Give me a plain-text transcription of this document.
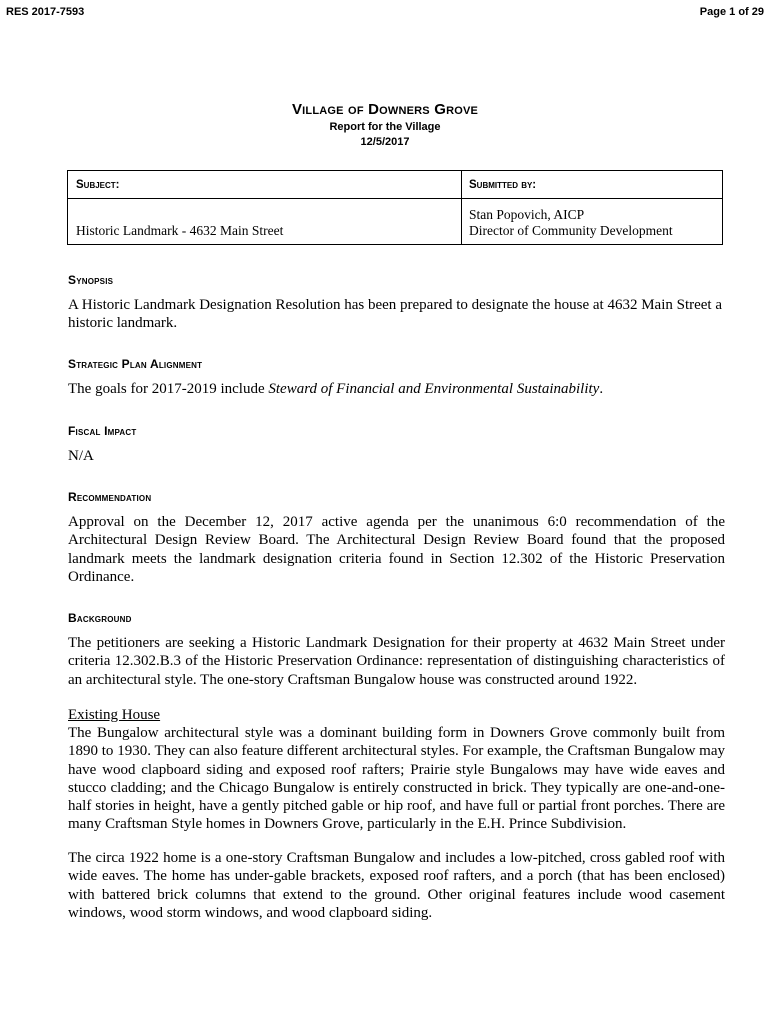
RES 2017-7593	Page 1 of 29
Village of Downers Grove
Report for the Village
12/5/2017
Subject:	Submitted by:
Historic Landmark - 4632 Main Street
Stan Popovich, AICP
Director of Community Development
Synopsis
A Historic Landmark Designation Resolution has been prepared to designate the house at 4632 Main Street a historic landmark.
Strategic Plan Alignment
The goals for 2017-2019 include Steward of Financial and Environmental Sustainability.
Fiscal Impact
N/A
Recommendation
Approval on the December 12, 2017 active agenda per the unanimous 6:0 recommendation of the Architectural Design Review Board. The Architectural Design Review Board found that the proposed landmark meets the landmark designation criteria found in Section 12.302 of the Historic Preservation Ordinance.
Background
The petitioners are seeking a Historic Landmark Designation for their property at 4632 Main Street under criteria 12.302.B.3 of the Historic Preservation Ordinance: representation of distinguishing characteristics of an architectural style. The one-story Craftsman Bungalow house was constructed around 1922.
Existing House
The Bungalow architectural style was a dominant building form in Downers Grove commonly built from 1890 to 1930. They can also feature different architectural styles. For example, the Craftsman Bungalow may have wood clapboard siding and exposed roof rafters; Prairie style Bungalows may have wide eaves and stucco cladding; and the Chicago Bungalow is entirely constructed in brick. They typically are one-and-one-half stories in height, have a gently pitched gable or hip roof, and have full or partial front porches. There are many Craftsman Style homes in Downers Grove, particularly in the E.H. Prince Subdivision.
The circa 1922 home is a one-story Craftsman Bungalow and includes a low-pitched, cross gabled roof with wide eaves. The home has under-gable brackets, exposed roof rafters, and a porch (that has been enclosed) with battered brick columns that extend to the ground. Other original features include wood casement windows, wood storm windows, and wood clapboard siding.
